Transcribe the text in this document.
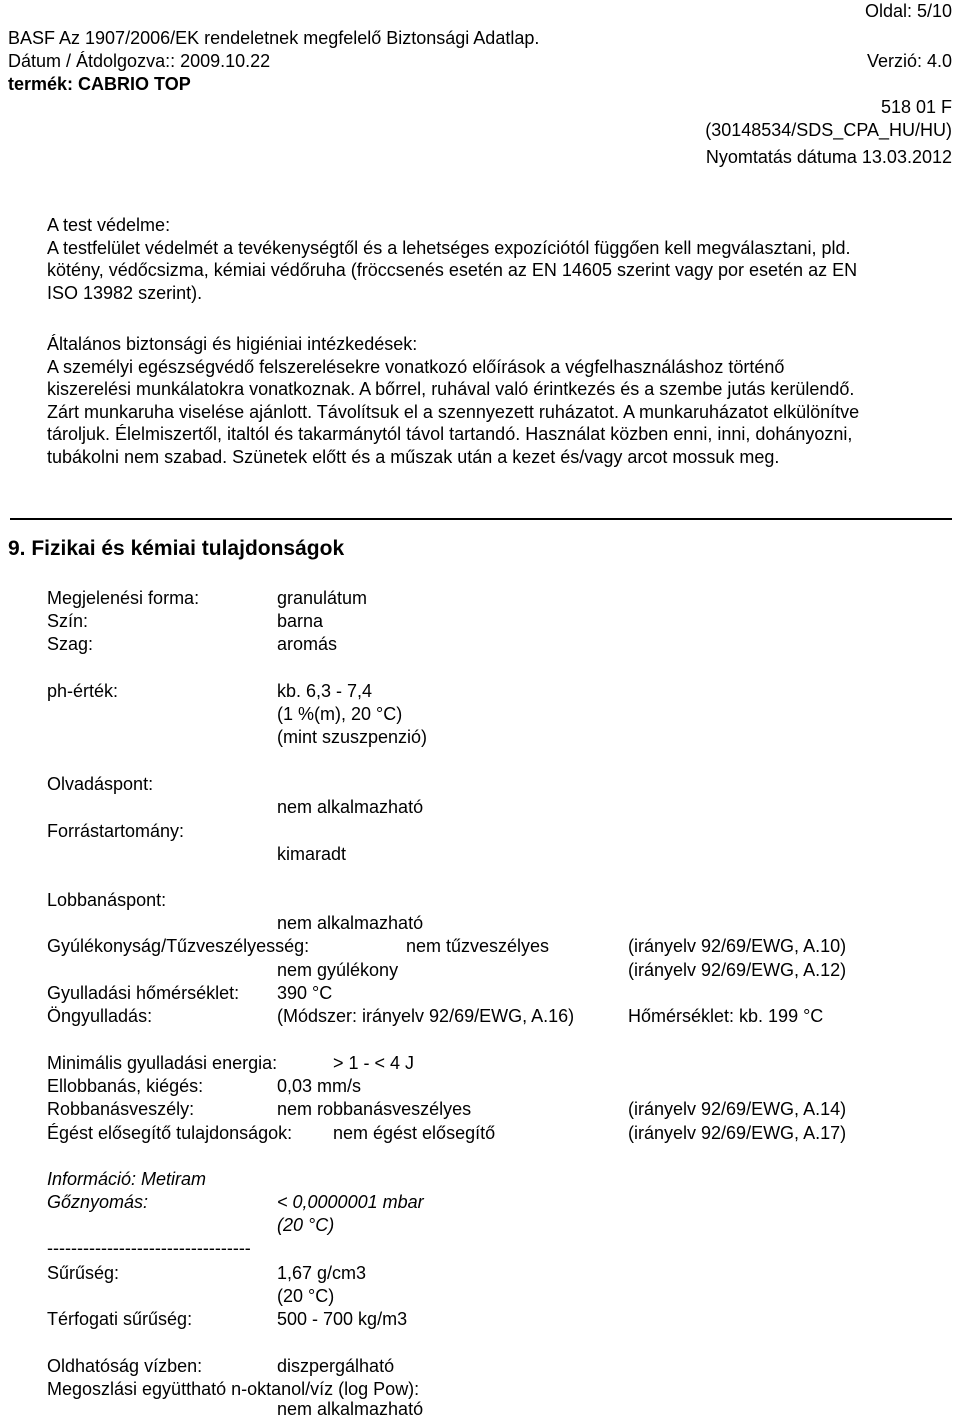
Oldal: 5/10
BASF Az 1907/2006/EK rendeletnek megfelelő Biztonsági Adatlap.
Dátum / Átdolgozva:: 2009.10.22	Verzió: 4.0
termék: CABRIO TOP
518 01 F
(30148534/SDS_CPA_HU/HU)
Nyomtatás dátuma 13.03.2012
A test védelme:
A testfelület védelmét a tevékenységtől és a lehetséges expozíciótól függően kell megválasztani, pld.
kötény, védőcsizma, kémiai védőruha (fröccsenés esetén az EN 14605 szerint vagy por esetén az EN
ISO 13982 szerint).
Általános biztonsági és higiéniai intézkedések:
A személyi egészségvédő felszerelésekre vonatkozó előírások a végfelhasználáshoz történő
kiszerelési munkálatokra vonatkoznak. A bőrrel, ruhával való érintkezés és a szembe jutás kerülendő.
Zárt munkaruha viselése ajánlott. Távolítsuk el a szennyezett ruházatot. A munkaruházatot elkülönítve
tároljuk. Élelmiszertől, italtól és takarmánytól távol tartandó. Használat közben enni, inni, dohányozni,
tubákolni nem szabad. Szünetek előtt és a műszak után a kezet és/vagy arcot mossuk meg.
9. Fizikai és kémiai tulajdonságok
Megjelenési forma:	granulátum
Szín:	barna
Szag:	aromás
ph-érték:	kb. 6,3 - 7,4
(1 %(m), 20 °C)
(mint szuszpenzió)
Olvadáspont:
nem alkalmazható
Forrástartomány:
kimaradt
Lobbanáspont:
nem alkalmazható
Gyúlékonyság/Tűzveszélyesség:	nem tűzveszélyes	(irányelv 92/69/EWG, A.10)
nem gyúlékony	(irányelv 92/69/EWG, A.12)
Gyulladási hőmérséklet: 390 °C
Öngyulladás:	(Módszer: irányelv 92/69/EWG, A.16)	Hőmérséklet: kb. 199 °C
Minimális gyulladási energia:	> 1 - < 4 J
Ellobbanás, kiégés:	0,03 mm/s
Robbanásveszély:	nem robbanásveszélyes	(irányelv 92/69/EWG, A.14)
Égést elősegítő tulajdonságok: nem égést elősegítő	(irányelv 92/69/EWG, A.17)
Információ: Metiram
Gőznyomás:	< 0,0000001 mbar
(20 °C)
----------------------------------
Sűrűség:	1,67 g/cm3
(20 °C)
Térfogati sűrűség:	500 - 700 kg/m3
Oldhatóság vízben:	diszpergálható
Megoszlási együttható n-oktanol/víz (log Pow):
nem alkalmazható
